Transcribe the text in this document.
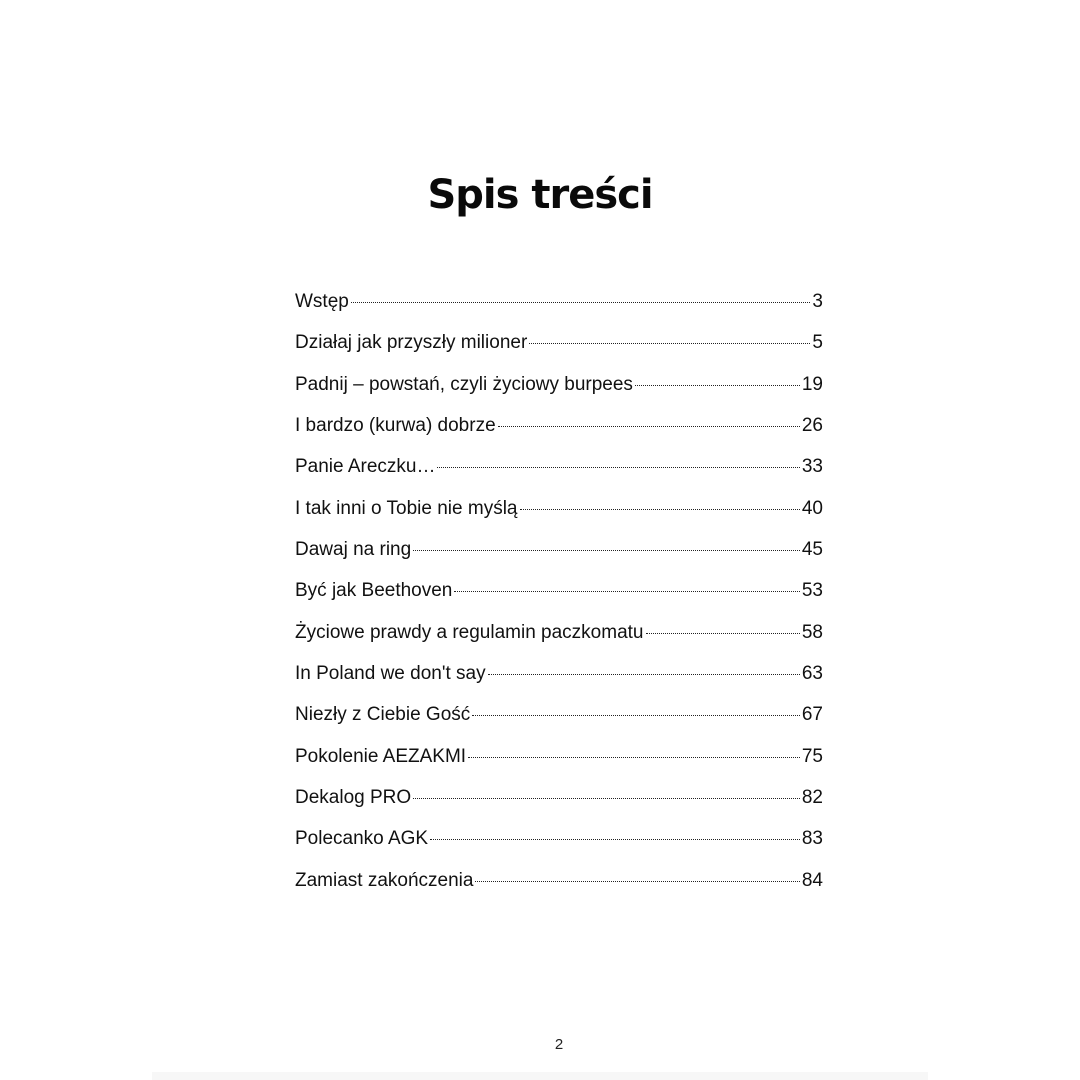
Spis treści
Wstęp	3
Działaj jak przyszły milioner	5
Padnij – powstań, czyli życiowy burpees	19
I bardzo (kurwa) dobrze	26
Panie Areczku…	33
I tak inni o Tobie nie myślą	40
Dawaj na ring	45
Być jak Beethoven	53
Życiowe prawdy a regulamin paczkomatu	58
In Poland we don't say	63
Niezły z Ciebie Gość	67
Pokolenie AEZAKMI	75
Dekalog PRO	82
Polecanko AGK	83
Zamiast zakończenia	84
2
